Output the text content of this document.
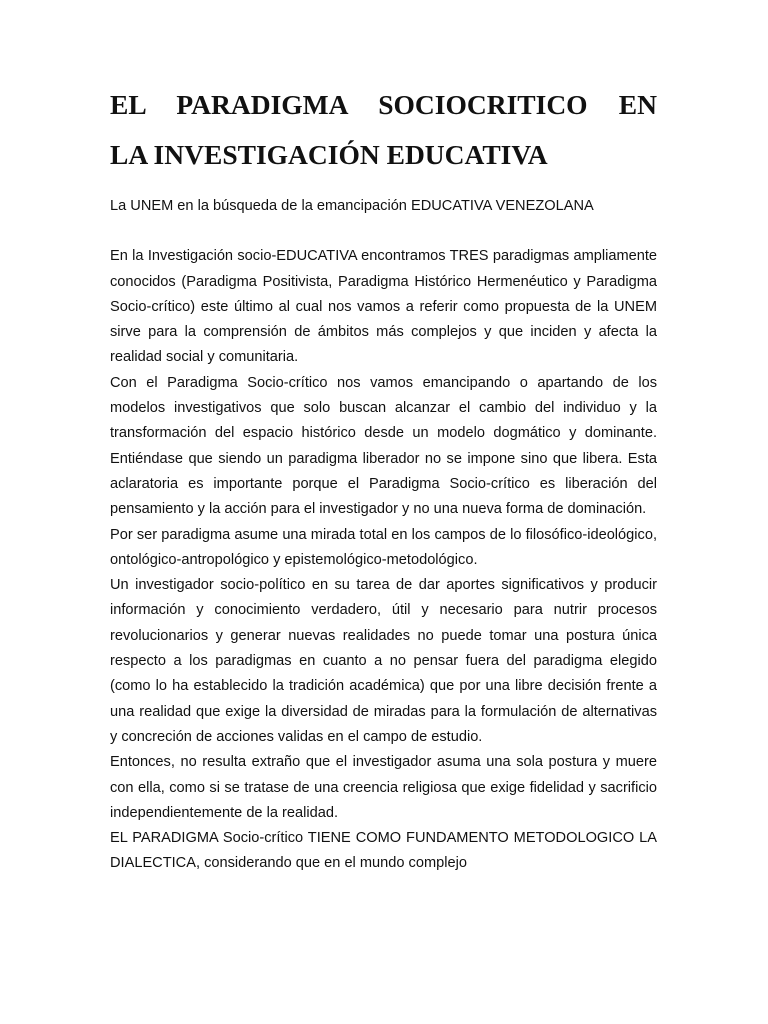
EL PARADIGMA SOCIOCRITICO EN
LA INVESTIGACIÓN EDUCATIVA

La UNEM en la búsqueda de la emancipación EDUCATIVA VENEZOLANA

En la Investigación socio-EDUCATIVA encontramos TRES paradigmas ampliamente conocidos (Paradigma Positivista, Paradigma Histórico Hermenéutico y Paradigma Socio-crítico) este último al cual nos vamos a referir como propuesta de la UNEM sirve para la comprensión de ámbitos más complejos y que inciden y afecta la realidad social y comunitaria.

Con el Paradigma Socio-crítico nos vamos emancipando o apartando de los modelos investigativos que solo buscan alcanzar el cambio del individuo y la transformación del espacio histórico desde un modelo dogmático y dominante. Entiéndase que siendo un paradigma liberador no se impone sino que libera. Esta aclaratoria es importante porque el Paradigma Socio-crítico es liberación del pensamiento y la acción para el investigador y no una nueva forma de dominación.

Por ser paradigma asume una mirada total en los campos de lo filosófico-ideológico, ontológico-antropológico y epistemológico-metodológico.

Un investigador socio-político en su tarea de dar aportes significativos y producir información y conocimiento verdadero, útil y necesario para nutrir procesos revolucionarios y generar nuevas realidades no puede tomar una postura única respecto a los paradigmas en cuanto a no pensar fuera del paradigma elegido (como lo ha establecido la tradición académica) que por una libre decisión frente a una realidad que exige la diversidad de miradas para la formulación de alternativas y concreción de acciones validas en el campo de estudio.

Entonces, no resulta extraño que el investigador asuma una sola postura y muere con ella, como si se tratase de una creencia religiosa que exige fidelidad y sacrificio independientemente de la realidad.

EL PARADIGMA Socio-crítico TIENE COMO FUNDAMENTO METODOLOGICO LA DIALECTICA, considerando que en el mundo complejo
